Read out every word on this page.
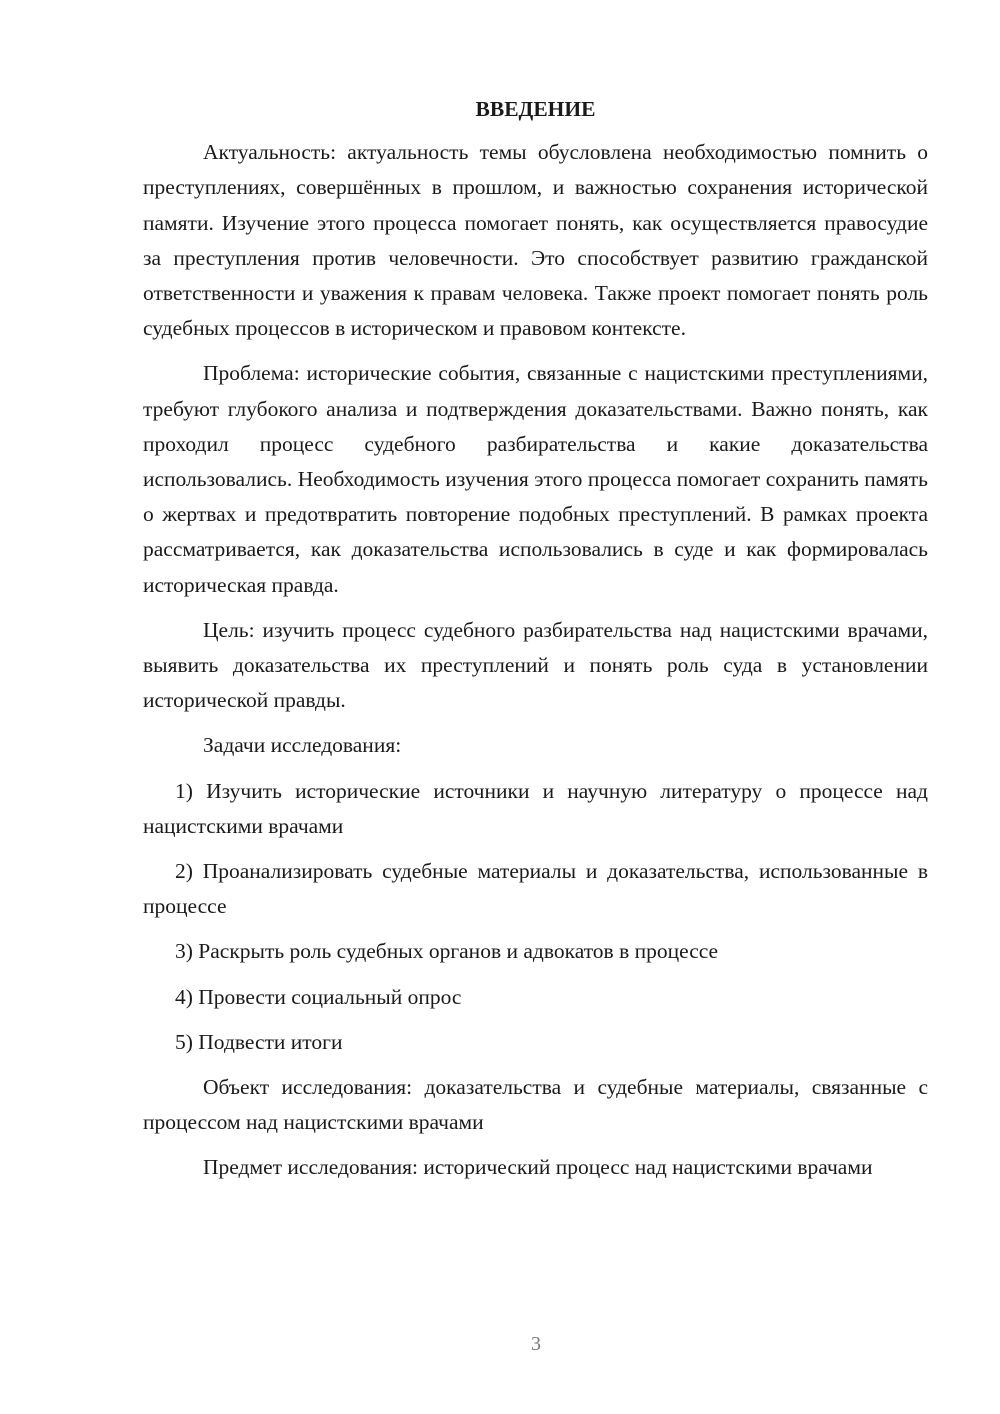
ВВЕДЕНИЕ

Актуальность: актуальность темы обусловлена необходимостью помнить о преступлениях, совершённых в прошлом, и важностью сохранения исторической памяти. Изучение этого процесса помогает понять, как осуществляется правосудие за преступления против человечности. Это способствует развитию гражданской ответственности и уважения к правам человека. Также проект помогает понять роль судебных процессов в историческом и правовом контексте.

Проблема: исторические события, связанные с нацистскими преступлениями, требуют глубокого анализа и подтверждения доказательствами. Важно понять, как проходил процесс судебного разбирательства и какие доказательства использовались. Необходимость изучения этого процесса помогает сохранить память о жертвах и предотвратить повторение подобных преступлений. В рамках проекта рассматривается, как доказательства использовались в суде и как формировалась историческая правда.

Цель: изучить процесс судебного разбирательства над нацистскими врачами, выявить доказательства их преступлений и понять роль суда в установлении исторической правды.

Задачи исследования:

1) Изучить исторические источники и научную литературу о процессе над нацистскими врачами

2) Проанализировать судебные материалы и доказательства, использованные в процессе

3) Раскрыть роль судебных органов и адвокатов в процессе

4) Провести социальный опрос

5) Подвести итоги

Объект исследования: доказательства и судебные материалы, связанные с процессом над нацистскими врачами

Предмет исследования: исторический процесс над нацистскими врачами

3
